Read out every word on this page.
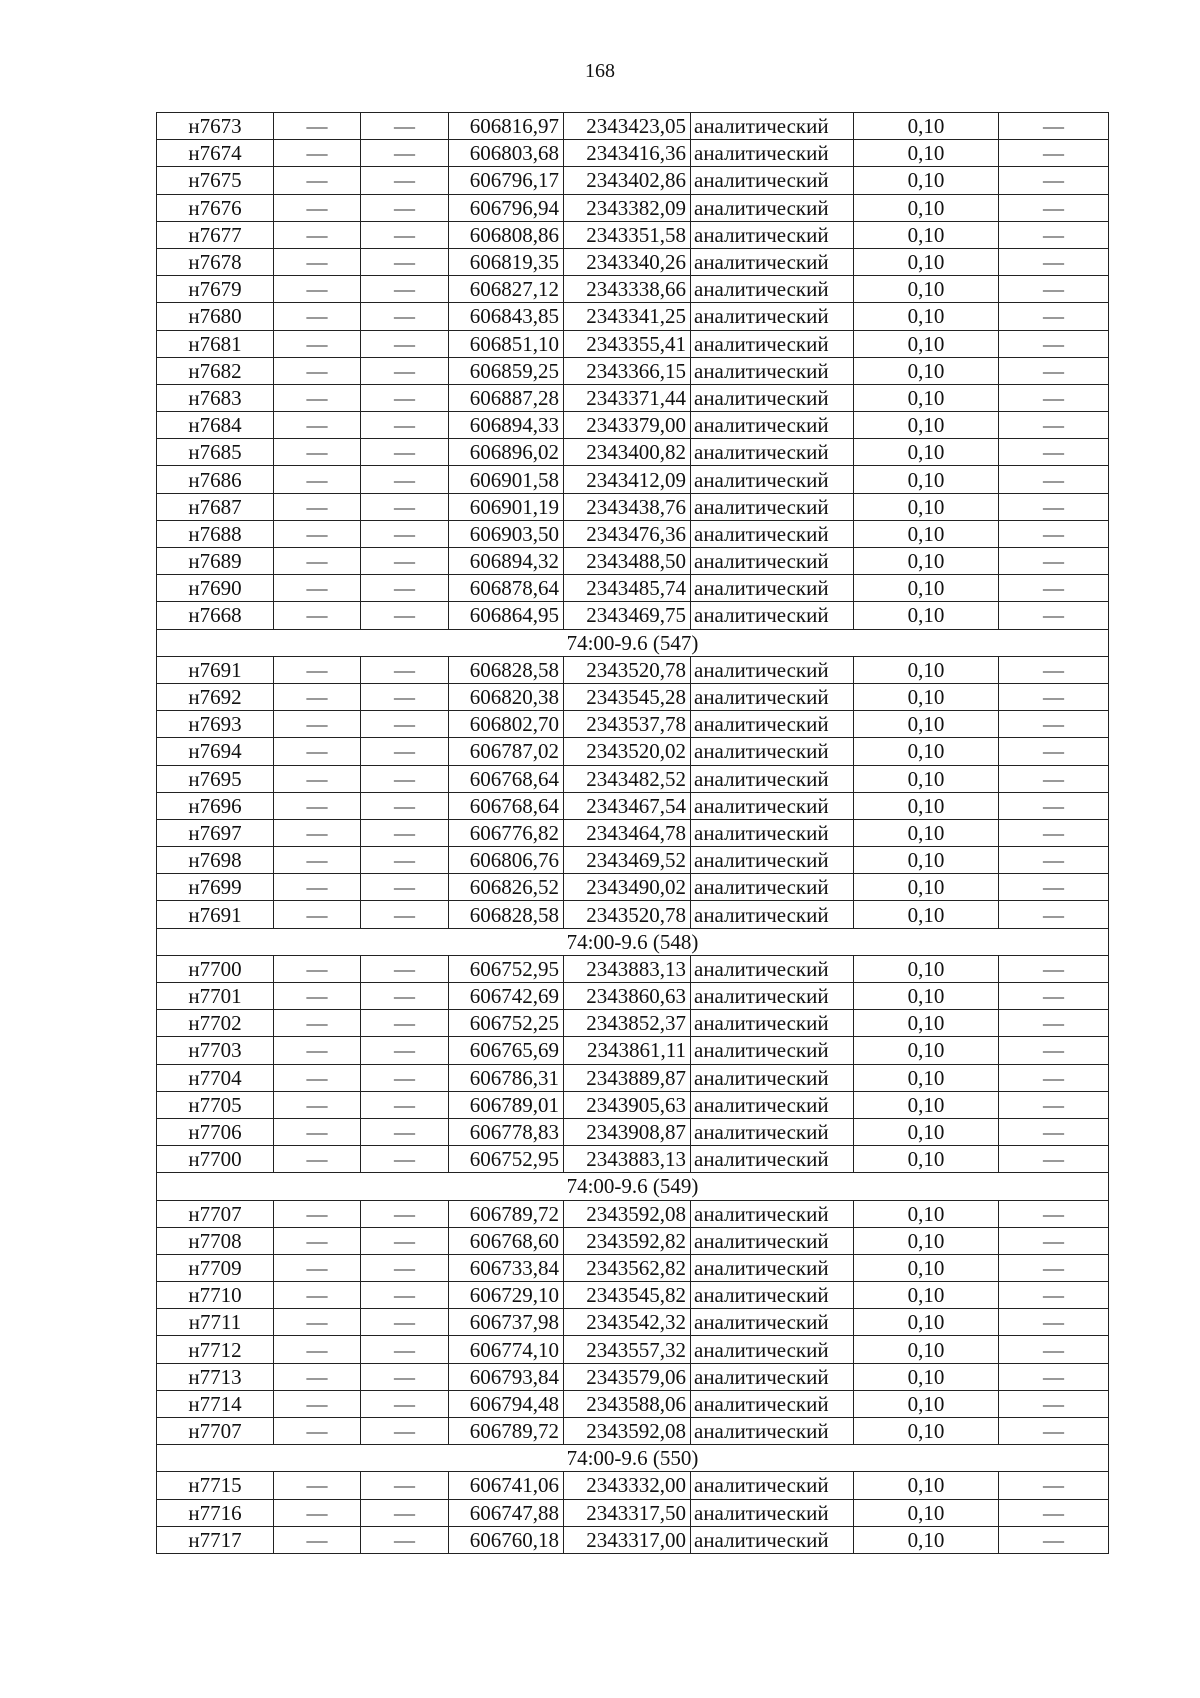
168
н7673	—	—	606816,97	2343423,05	аналитический	0,10	—
н7674	—	—	606803,68	2343416,36	аналитический	0,10	—
н7675	—	—	606796,17	2343402,86	аналитический	0,10	—
н7676	—	—	606796,94	2343382,09	аналитический	0,10	—
н7677	—	—	606808,86	2343351,58	аналитический	0,10	—
н7678	—	—	606819,35	2343340,26	аналитический	0,10	—
н7679	—	—	606827,12	2343338,66	аналитический	0,10	—
н7680	—	—	606843,85	2343341,25	аналитический	0,10	—
н7681	—	—	606851,10	2343355,41	аналитический	0,10	—
н7682	—	—	606859,25	2343366,15	аналитический	0,10	—
н7683	—	—	606887,28	2343371,44	аналитический	0,10	—
н7684	—	—	606894,33	2343379,00	аналитический	0,10	—
н7685	—	—	606896,02	2343400,82	аналитический	0,10	—
н7686	—	—	606901,58	2343412,09	аналитический	0,10	—
н7687	—	—	606901,19	2343438,76	аналитический	0,10	—
н7688	—	—	606903,50	2343476,36	аналитический	0,10	—
н7689	—	—	606894,32	2343488,50	аналитический	0,10	—
н7690	—	—	606878,64	2343485,74	аналитический	0,10	—
н7668	—	—	606864,95	2343469,75	аналитический	0,10	—
74:00-9.6 (547)							
н7691	—	—	606828,58	2343520,78	аналитический	0,10	—
н7692	—	—	606820,38	2343545,28	аналитический	0,10	—
н7693	—	—	606802,70	2343537,78	аналитический	0,10	—
н7694	—	—	606787,02	2343520,02	аналитический	0,10	—
н7695	—	—	606768,64	2343482,52	аналитический	0,10	—
н7696	—	—	606768,64	2343467,54	аналитический	0,10	—
н7697	—	—	606776,82	2343464,78	аналитический	0,10	—
н7698	—	—	606806,76	2343469,52	аналитический	0,10	—
н7699	—	—	606826,52	2343490,02	аналитический	0,10	—
н7691	—	—	606828,58	2343520,78	аналитический	0,10	—
74:00-9.6 (548)							
н7700	—	—	606752,95	2343883,13	аналитический	0,10	—
н7701	—	—	606742,69	2343860,63	аналитический	0,10	—
н7702	—	—	606752,25	2343852,37	аналитический	0,10	—
н7703	—	—	606765,69	2343861,11	аналитический	0,10	—
н7704	—	—	606786,31	2343889,87	аналитический	0,10	—
н7705	—	—	606789,01	2343905,63	аналитический	0,10	—
н7706	—	—	606778,83	2343908,87	аналитический	0,10	—
н7700	—	—	606752,95	2343883,13	аналитический	0,10	—
74:00-9.6 (549)							
н7707	—	—	606789,72	2343592,08	аналитический	0,10	—
н7708	—	—	606768,60	2343592,82	аналитический	0,10	—
н7709	—	—	606733,84	2343562,82	аналитический	0,10	—
н7710	—	—	606729,10	2343545,82	аналитический	0,10	—
н7711	—	—	606737,98	2343542,32	аналитический	0,10	—
н7712	—	—	606774,10	2343557,32	аналитический	0,10	—
н7713	—	—	606793,84	2343579,06	аналитический	0,10	—
н7714	—	—	606794,48	2343588,06	аналитический	0,10	—
н7707	—	—	606789,72	2343592,08	аналитический	0,10	—
74:00-9.6 (550)							
н7715	—	—	606741,06	2343332,00	аналитический	0,10	—
н7716	—	—	606747,88	2343317,50	аналитический	0,10	—
н7717	—	—	606760,18	2343317,00	аналитический	0,10	—
